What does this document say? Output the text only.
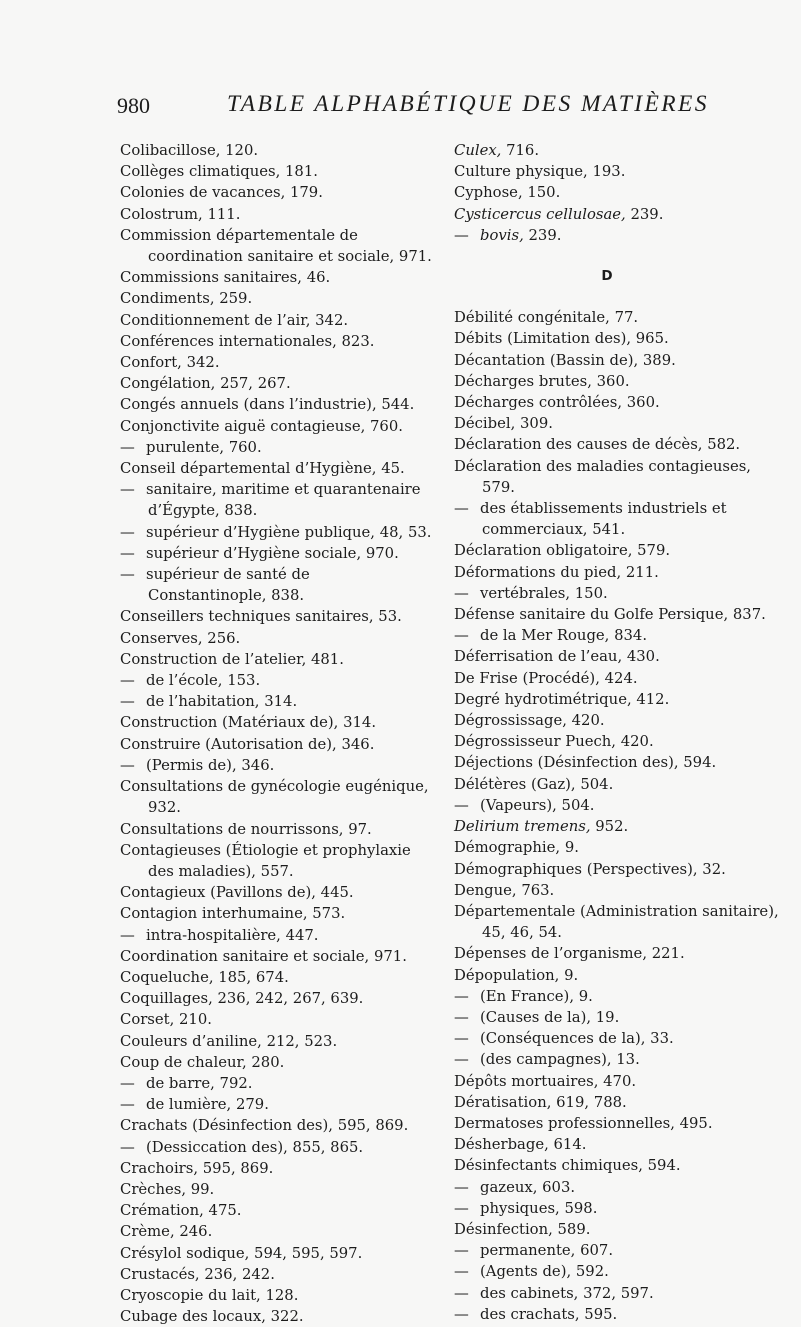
980	TABLE ALPHABÉTIQUE DES MATIÈRES
Colibacillose, 120.
Collèges climatiques, 181.
Colonies de vacances, 179.
Colostrum, 111.
Commission départementale de coordination sanitaire et sociale, 971.
Commissions sanitaires, 46.
Condiments, 259.
Conditionnement de l’air, 342.
Conférences internationales, 823.
Confort, 342.
Congélation, 257, 267.
Congés annuels (dans l’industrie), 544.
Conjonctivite aiguë contagieuse, 760.
— purulente, 760.
Conseil départemental d’Hygiène, 45.
— sanitaire, maritime et quarantenaire d’Égypte, 838.
— supérieur d’Hygiène publique, 48, 53.
— supérieur d’Hygiène sociale, 970.
— supérieur de santé de Constantinople, 838.
Conseillers techniques sanitaires, 53.
Conserves, 256.
Construction de l’atelier, 481.
— de l’école, 153.
— de l’habitation, 314.
Construction (Matériaux de), 314.
Construire (Autorisation de), 346.
— (Permis de), 346.
Consultations de gynécologie eugénique, 932.
Consultations de nourrissons, 97.
Contagieuses (Étiologie et prophylaxie des maladies), 557.
Contagieux (Pavillons de), 445.
Contagion interhumaine, 573.
— intra-hospitalière, 447.
Coordination sanitaire et sociale, 971.
Coqueluche, 185, 674.
Coquillages, 236, 242, 267, 639.
Corset, 210.
Couleurs d’aniline, 212, 523.
Coup de chaleur, 280.
— de barre, 792.
— de lumière, 279.
Crachats (Désinfection des), 595, 869.
— (Dessiccation des), 855, 865.
Crachoirs, 595, 869.
Crèches, 99.
Crémation, 475.
Crème, 246.
Crésylol sodique, 594, 595, 597.
Crustacés, 236, 242.
Cryoscopie du lait, 128.
Cubage des locaux, 322.
Culex, 716.
Culture physique, 193.
Cyphose, 150.
Cysticercus cellulosae, 239.
— bovis, 239.
D
Débilité congénitale, 77.
Débits (Limitation des), 965.
Décantation (Bassin de), 389.
Décharges brutes, 360.
Décharges contrôlées, 360.
Décibel, 309.
Déclaration des causes de décès, 582.
Déclaration des maladies contagieuses, 579.
— des établissements industriels et commerciaux, 541.
Déclaration obligatoire, 579.
Déformations du pied, 211.
— vertébrales, 150.
Défense sanitaire du Golfe Persique, 837.
— de la Mer Rouge, 834.
Déferrisation de l’eau, 430.
De Frise (Procédé), 424.
Degré hydrotimétrique, 412.
Dégrossissage, 420.
Dégrossisseur Puech, 420.
Déjections (Désinfection des), 594.
Délétères (Gaz), 504.
— (Vapeurs), 504.
Delirium tremens, 952.
Démographie, 9.
Démographiques (Perspectives), 32.
Dengue, 763.
Départementale (Administration sanitaire), 45, 46, 54.
Dépenses de l’organisme, 221.
Dépopulation, 9.
— (En France), 9.
— (Causes de la), 19.
— (Conséquences de la), 33.
— (des campagnes), 13.
Dépôts mortuaires, 470.
Dératisation, 619, 788.
Dermatoses professionnelles, 495.
Désherbage, 614.
Désinfectants chimiques, 594.
— gazeux, 603.
— physiques, 598.
Désinfection, 589.
— permanente, 607.
— (Agents de), 592.
— des cabinets, 372, 597.
— des crachats, 595.
